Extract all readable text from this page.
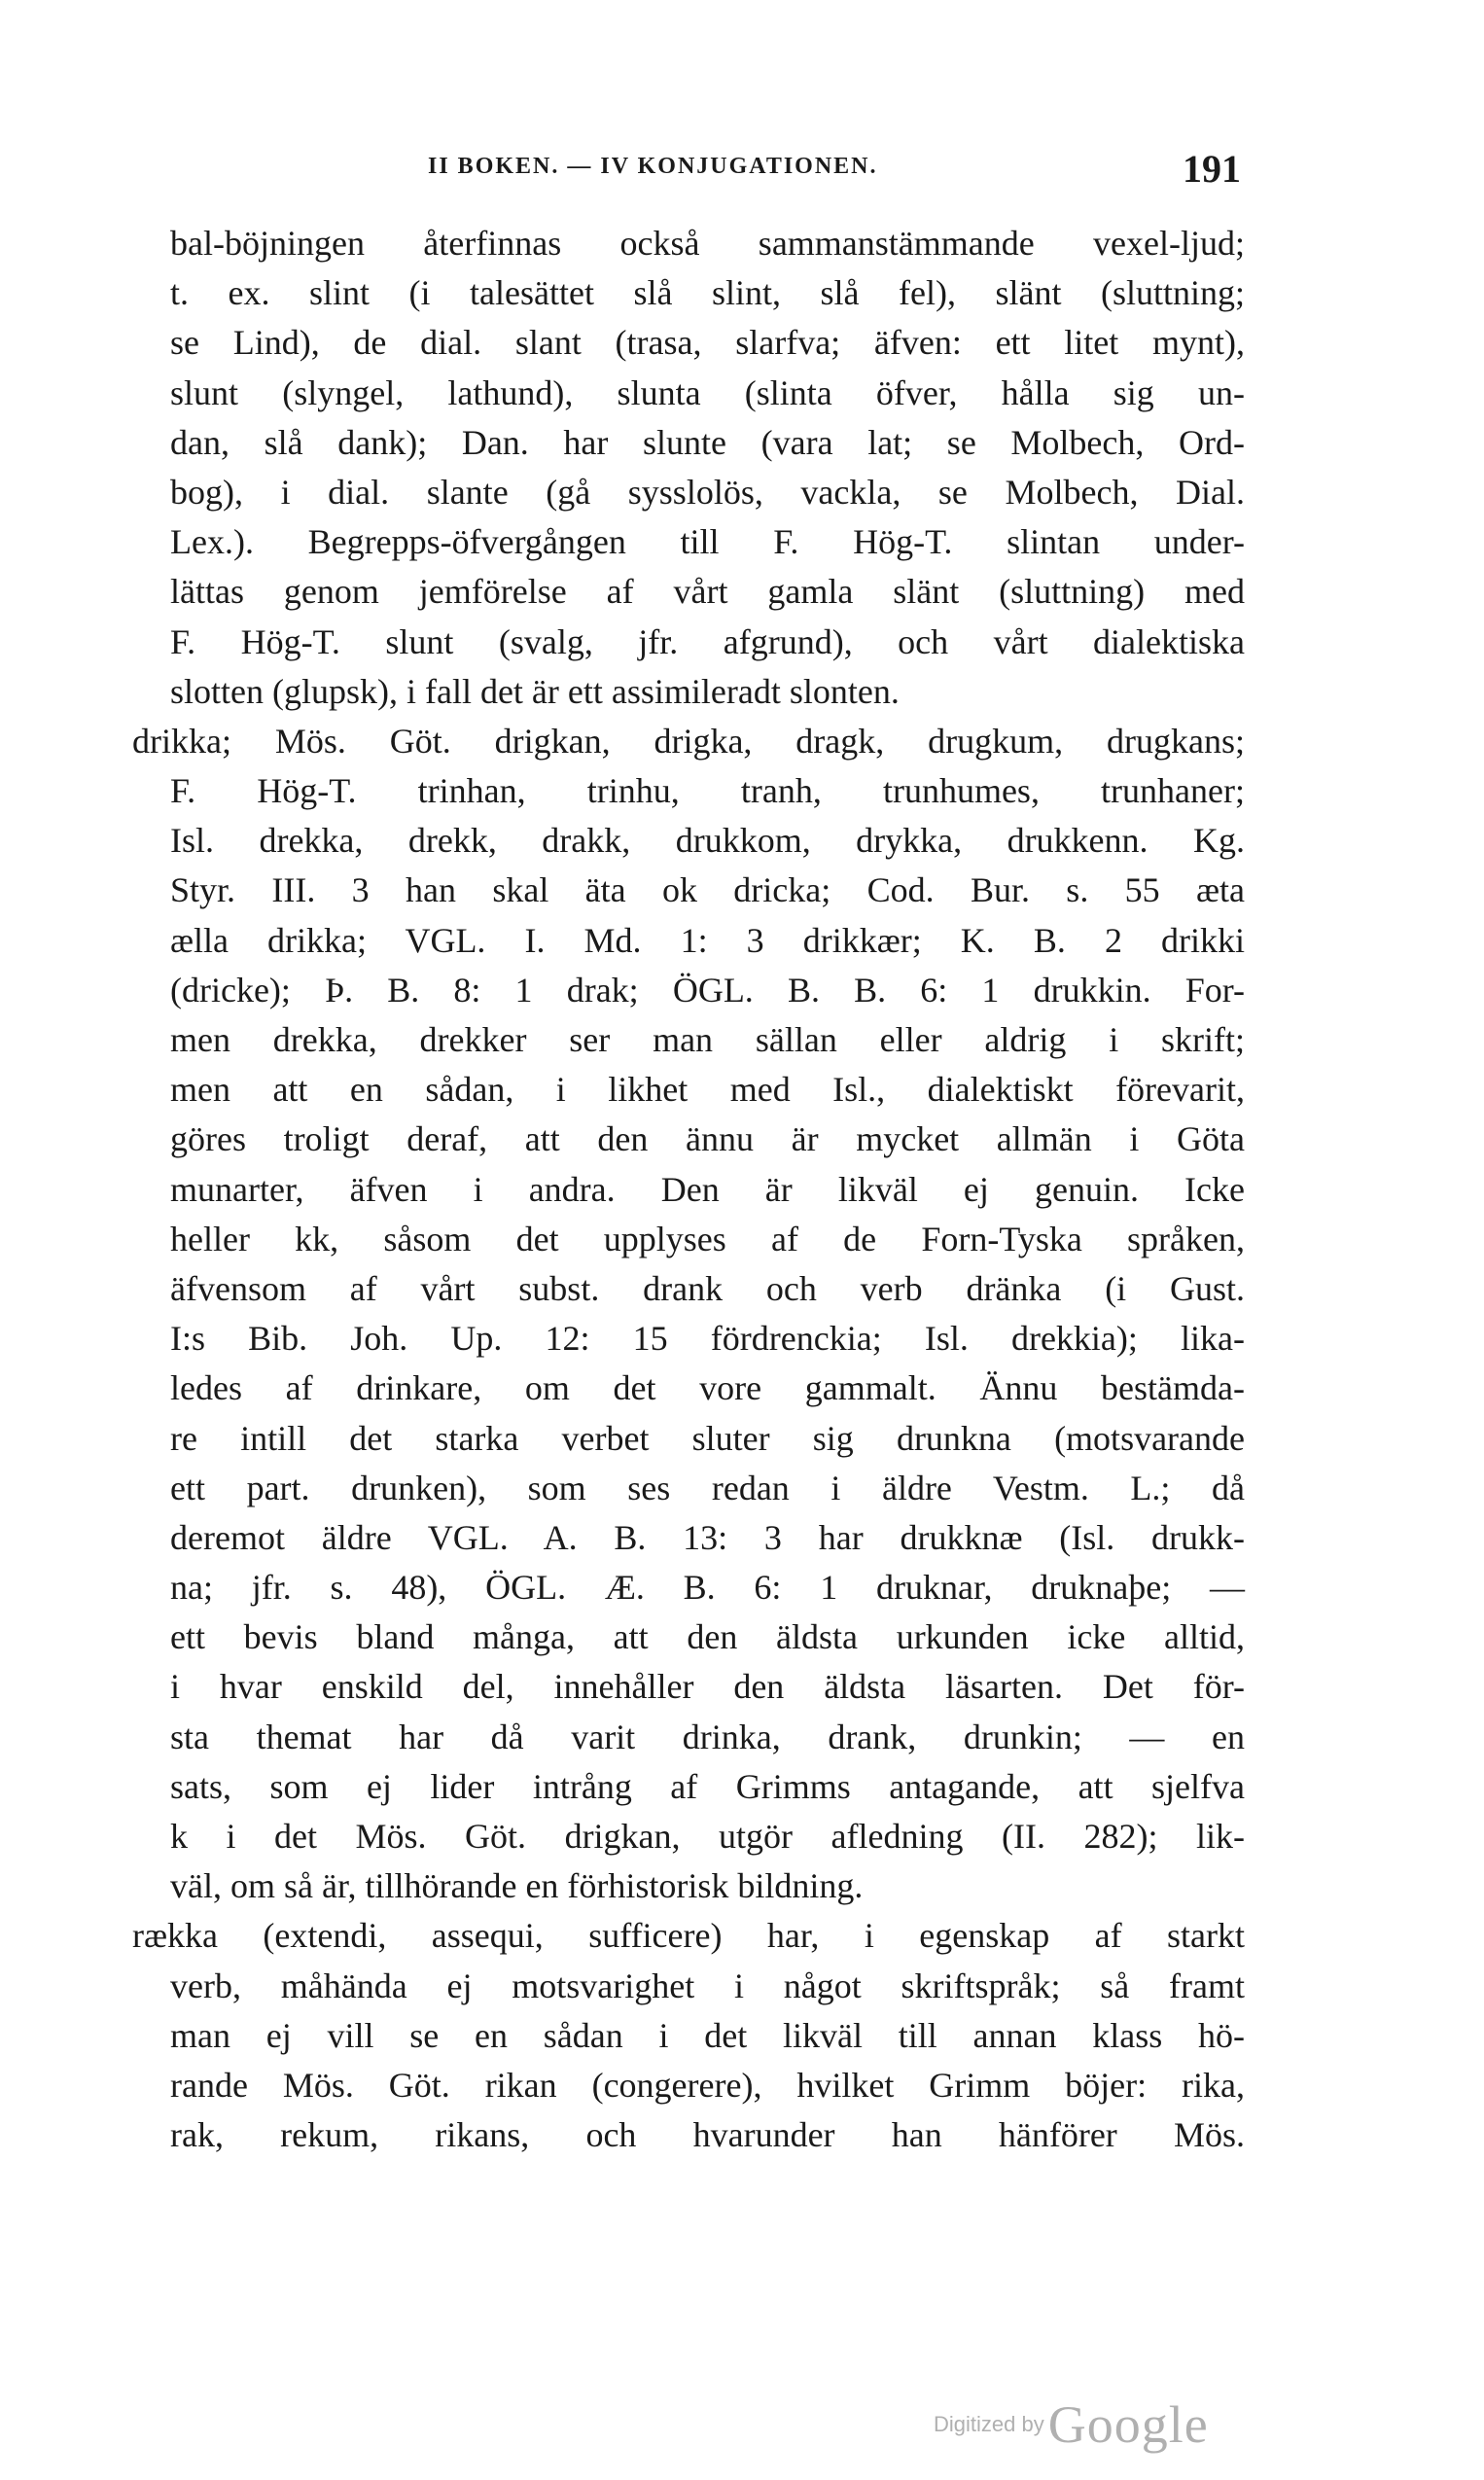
II BOKEN. — IV KONJUGATIONEN.	191
bal-böjningen återfinnas också sammanstämmande vexel-ljud;
t. ex. slint (i talesättet slå slint, slå fel), slänt (sluttning;
se Lind), de dial. slant (trasa, slarfva; äfven: ett litet mynt),
slunt (slyngel, lathund), slunta (slinta öfver, hålla sig un-
dan, slå dank); Dan. har slunte (vara lat; se Molbech, Ord-
bog), i dial. slante (gå sysslolös, vackla, se Molbech, Dial.
Lex.). Begrepps-öfvergången till F. Hög-T. slintan under-
lättas genom jemförelse af vårt gamla slänt (sluttning) med
F. Hög-T. slunt (svalg, jfr. afgrund), och vårt dialektiska
slotten (glupsk), i fall det är ett assimileradt slonten.
drikka; Mös. Göt. drigkan, drigka, dragk, drugkum, drugkans;
F. Hög-T. trinhan, trinhu, tranh, trunhumes, trunhaner;
Isl. drekka, drekk, drakk, drukkom, drykka, drukkenn. Kg.
Styr. III. 3 han skal äta ok dricka; Cod. Bur. s. 55 æta
ælla drikka; VGL. I. Md. 1: 3 drikkær; K. B. 2 drikki
(dricke); Þ. B. 8: 1 drak; ÖGL. B. B. 6: 1 drukkin. For-
men drekka, drekker ser man sällan eller aldrig i skrift;
men att en sådan, i likhet med Isl., dialektiskt förevarit,
göres troligt deraf, att den ännu är mycket allmän i Göta
munarter, äfven i andra. Den är likväl ej genuin. Icke
heller kk, såsom det upplyses af de Forn-Tyska språken,
äfvensom af vårt subst. drank och verb dränka (i Gust.
I:s Bib. Joh. Up. 12: 15 fördrenckia; Isl. drekkia); lika-
ledes af drinkare, om det vore gammalt. Ännu bestämda-
re intill det starka verbet sluter sig drunkna (motsvarande
ett part. drunken), som ses redan i äldre Vestm. L.; då
deremot äldre VGL. A. B. 13: 3 har drukknæ (Isl. drukk-
na; jfr. s. 48), ÖGL. Æ. B. 6: 1 druknar, druknaþe; —
ett bevis bland många, att den äldsta urkunden icke alltid,
i hvar enskild del, innehåller den äldsta läsarten. Det för-
sta themat har då varit drinka, drank, drunkin; — en
sats, som ej lider intrång af Grimms antagande, att sjelfva
k i det Mös. Göt. drigkan, utgör afledning (II. 282); lik-
väl, om så är, tillhörande en förhistorisk bildning.
rækka (extendi, assequi, sufficere) har, i egenskap af starkt
verb, måhända ej motsvarighet i något skriftspråk; så framt
man ej vill se en sådan i det likväl till annan klass hö-
rande Mös. Göt. rikan (congerere), hvilket Grimm böjer: rika,
rak, rekum, rikans, och hvarunder han hänförer Mös.
Digitized by Google
